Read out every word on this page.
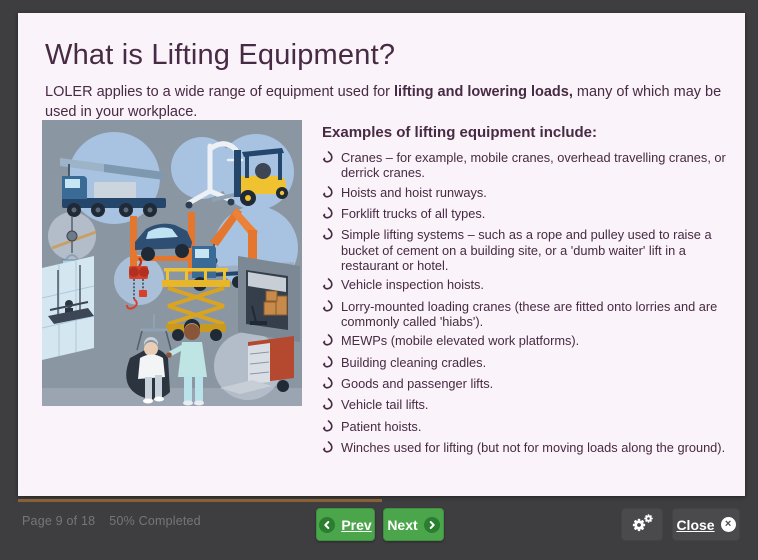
What is Lifting Equipment?

LOLER applies to a wide range of equipment used for lifting and lowering loads, many of which may be used in your workplace.

Examples of lifting equipment include:
Cranes – for example, mobile cranes, overhead travelling cranes, or derrick cranes.
Hoists and hoist runways.
Forklift trucks of all types.
Simple lifting systems – such as a rope and pulley used to raise a bucket of cement on a building site, or a 'dumb waiter' lift in a restaurant or hotel.
Vehicle inspection hoists.
Lorry-mounted loading cranes (these are fitted onto lorries and are commonly called 'hiabs').
MEWPs (mobile elevated work platforms).
Building cleaning cradles.
Goods and passenger lifts.
Vehicle tail lifts.
Patient hoists.
Winches used for lifting (but not for moving loads along the ground).
Page 9 of 18 50% Completed	Prev Next	Close ×
